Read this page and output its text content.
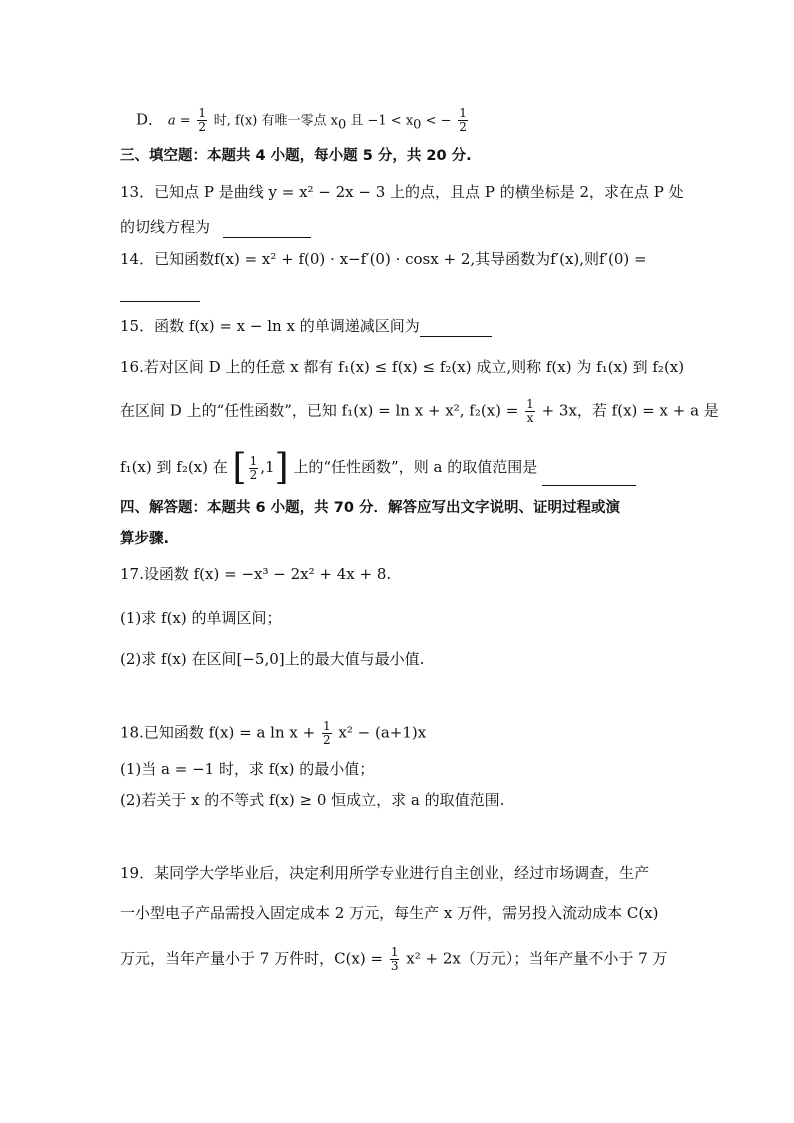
D． $a = \frac{1}{2}$ 时, f(x) 有唯一零点 $x_0$ 且 $-1 < x_0$ < − $\frac{1}{2}$
三、填空题：本题共 4 小题，每小题 5 分，共 20 分.
13．已知点 P 是曲线 y = x² − 2x − 3 上的点，且点 P 的横坐标是 2，求在点 P 处
的切线方程为
14．已知函数f(x) = x² + f(0) · x−f′(0) · cosx + 2,其导函数为f′(x),则f′(0) =
15．函数 f(x) = x − ln x 的单调递减区间为
16.若对区间 D 上的任意 x 都有 f₁(x) ≤ f(x) ≤ f₂(x) 成立,则称 f(x) 为 f₁(x) 到 f₂(x)
在区间 D 上的“任性函数”，已知 f₁(x) = ln x + x², $f_2(x) = \frac{1}{x} + 3x$，若 f(x) = x + a 是
f₁(x) 到 f₂(x) 在 [ $\frac{1}{2} ,1$] 上的“任性函数”，则 a 的取值范围是
四、解答题：本题共 6 小题，共 70 分．解答应写出文字说明、证明过程或演
算步骤.
17.设函数 f(x) = −x³ − 2x² + 4x + 8.
(1)求 f(x) 的单调区间；
(2)求 f(x) 在区间[−5,0]上的最大值与最小值.
18.已知函数 f(x) = a $\ln x + \frac{1}{2} x^2 - (a+1)x$
(1)当 a = −1 时，求 f(x) 的最小值；
(2)若关于 x 的不等式 f(x) ≥ 0 恒成立，求 a 的取值范围.
19．某同学大学毕业后，决定利用所学专业进行自主创业，经过市场调查，生产
一小型电子产品需投入固定成本 2 万元，每生产 x 万件，需另投入流动成本 C(x)
万元，当年产量小于 7 万件时，$C(x) = \frac{1}{3} x^2 + 2x$（万元）；当年产量不小于 7 万
